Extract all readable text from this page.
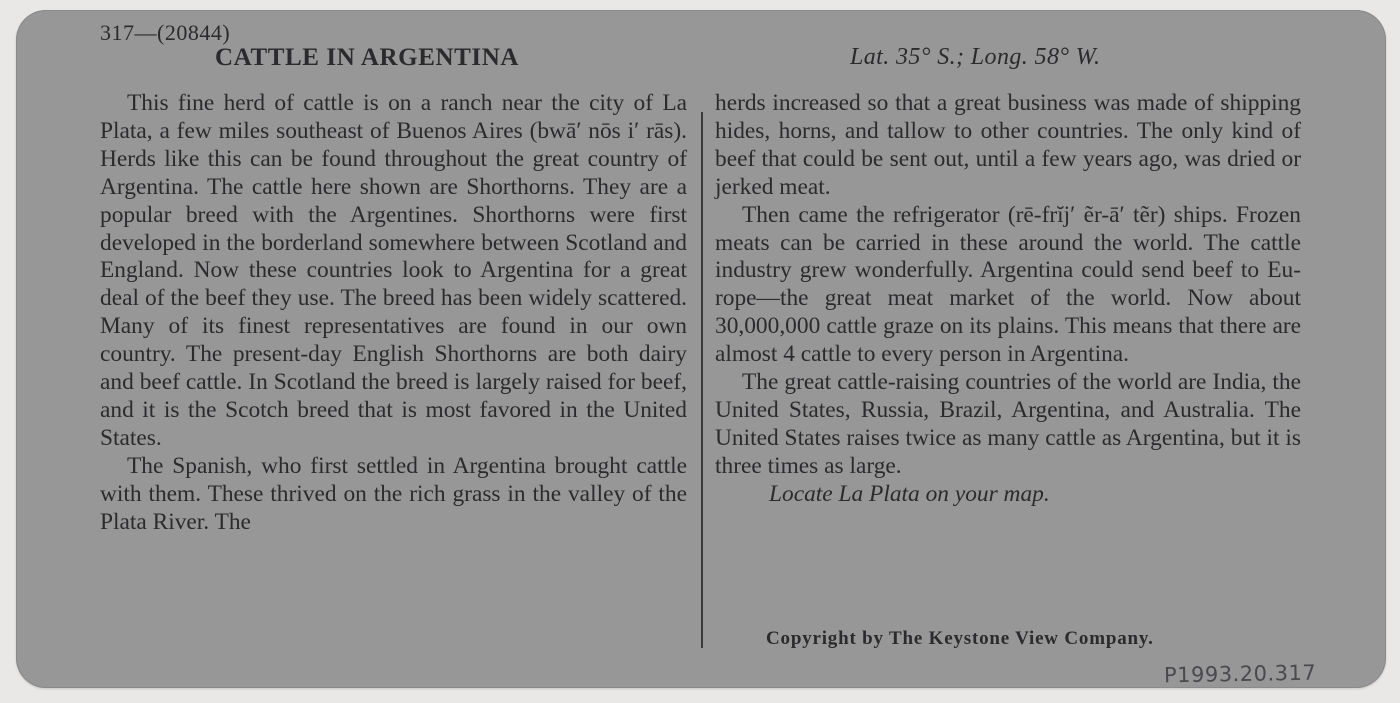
317—(20844)
CATTLE IN ARGENTINA	Lat. 35° S.; Long. 58° W.

This fine herd of cattle is on a ranch near the city of La Plata, a few miles southeast of Buenos Aires (bwā′ nōs i′ rās). Herds like this can be found throughout the great country of Argentina. The cattle here shown are Shorthorns. They are a popular breed with the Argentines. Shorthorns were first developed in the borderland somewhere between Scotland and England. Now these countries look to Argentina for a great deal of the beef they use. The breed has been widely scattered. Many of its finest representatives are found in our own country. The present-day English Shorthorns are both dairy and beef cattle. In Scotland the breed is largely raised for beef, and it is the Scotch breed that is most favored in the United States.

The Spanish, who first settled in Argentina brought cattle with them. These thrived on the rich grass in the valley of the Plata River. The

herds increased so that a great business was made of shipping hides, horns, and tallow to other countries. The only kind of beef that could be sent out, until a few years ago, was dried or jerked meat.

Then came the refrigerator (rē-frĭj′ ẽr-ā′ tẽr) ships. Frozen meats can be carried in these around the world. The cattle industry grew wonderfully. Argentina could send beef to Europe—the great meat market of the world. Now about 30,000,000 cattle graze on its plains. This means that there are almost 4 cattle to every person in Argentina.

The great cattle-raising countries of the world are India, the United States, Russia, Brazil, Argentina, and Australia. The United States raises twice as many cattle as Argentina, but it is three times as large.

Locate La Plata on your map.

Copyright by The Keystone View Company.
P1993.20.317
